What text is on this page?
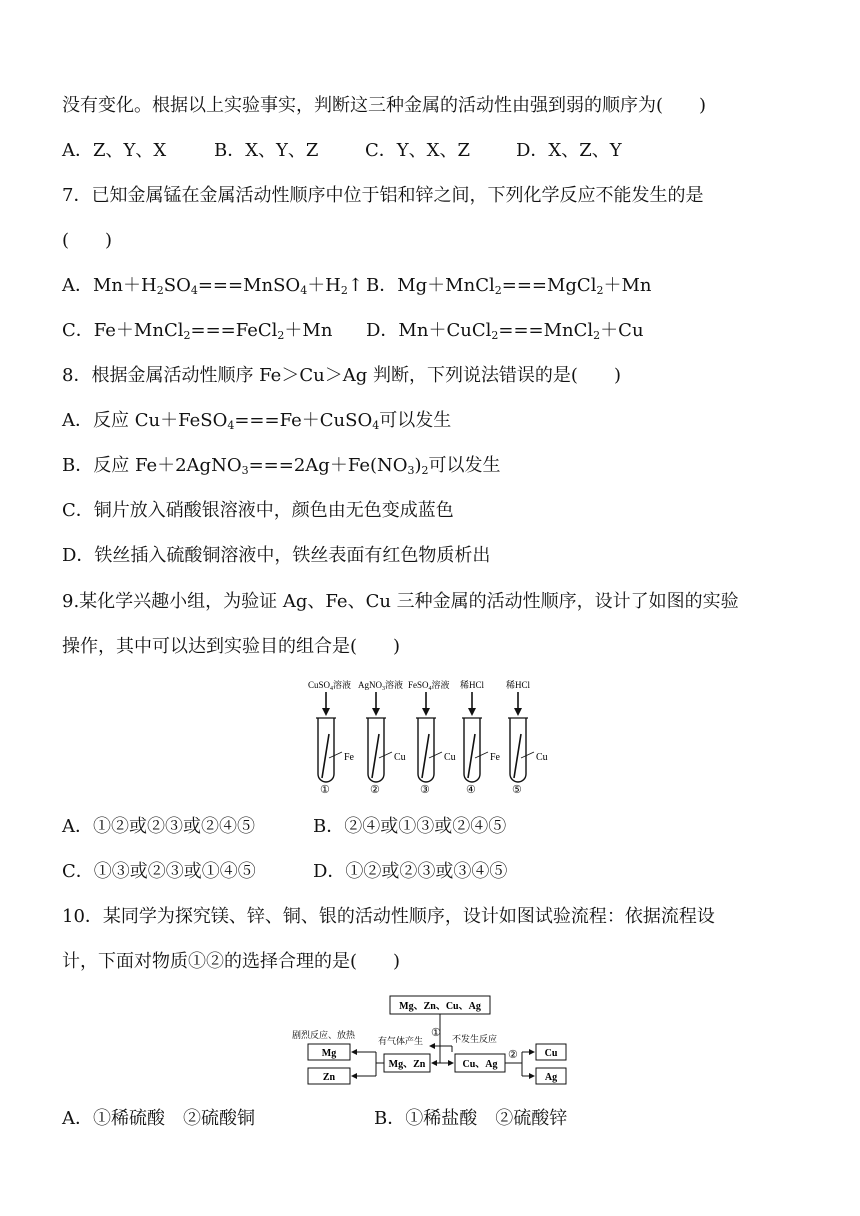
没有变化。根据以上实验事实，判断这三种金属的活动性由强到弱的顺序为(　　)
A．Z、Y、X	B．X、Y、Z	C．Y、X、Z	D．X、Z、Y
7．已知金属锰在金属活动性顺序中位于铝和锌之间，下列化学反应不能发生的是
(　　)
A．$Mn+H_2SO_4===MnSO_4+H_2↑$ B．Mg＋MnCl$_2$===MgCl$_2$＋Mn
C．Fe＋MnCl$_2$===FeCl$_2$＋Mn D．Mn＋CuCl$_2$===MnCl$_2$＋Cu
8．根据金属活动性顺序 Fe＞Cu＞Ag 判断，下列说法错误的是(　　)
A．反应 Cu＋FeSO$_4$===Fe＋CuSO$_4$可以发生
B．反应 $Fe+2AgNO_3===2Ag+Fe(NO_3)_2$可以发生
C．铜片放入硝酸银溶液中，颜色由无色变成蓝色
D．铁丝插入硫酸铜溶液中，铁丝表面有红色物质析出
9.某化学兴趣小组，为验证 Ag、Fe、Cu 三种金属的活动性顺序，设计了如图的实验
操作，其中可以达到实验目的组合是(　　)
CuSO$_4$溶液
Fe
①
AgNO$_3$溶液
Cu
②
FeSO$_4$溶液
Cu
③
稀HCl
Fe
④
稀HCl
Cu
⑤
A．①②或②③或②④⑤	B．②④或①③或②④⑤
C．①③或②③或①④⑤	D．①②或②③或③④⑤
10．某同学为探究镁、锌、铜、银的活动性顺序，设计如图试验流程：依据流程设
计，下面对物质①②的选择合理的是(　　)
Mg、Zn、Cu、Ag
①
有气体产生	不发生反应
Mg、Zn	Cu、Ag
剧烈反应、放热
Mg
Zn
②	Cu
Ag
A．①稀硫酸　②硫酸铜	B．①稀盐酸　②硫酸锌
